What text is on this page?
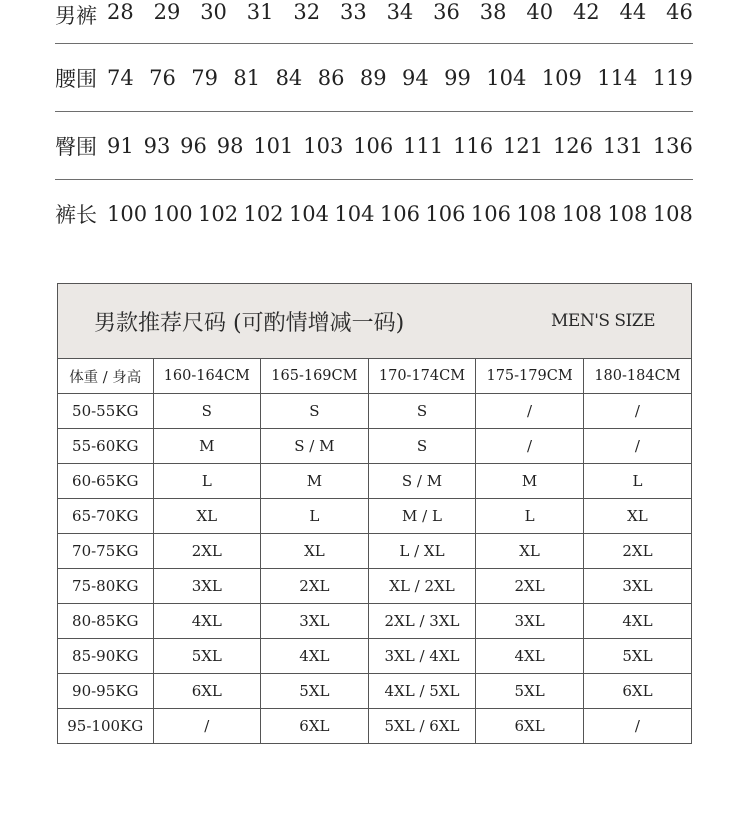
男裤 28 29 30 31 32 33 34 36 38 40 42 44 46
腰围 74 76 79 81 84 86 89 94 99 104 109 114 119
臀围 91 93 96 98 101 103 106 111 116 121 126 131 136
裤长 100 100 102 102 104 104 106 106 106 108 108 108 108
男款推荐尺码 (可酌情增减一码)	MEN'S SIZE
体重 / 身高	160-164CM	165-169CM	170-174CM	175-179CM	180-184CM
50-55KG	S	S	S	/	/
55-60KG	M	S / M	S	/	/
60-65KG	L	M	S / M	M	L
65-70KG	XL	L	M / L	L	XL
70-75KG	2XL	XL	L / XL	XL	2XL
75-80KG	3XL	2XL	XL / 2XL	2XL	3XL
80-85KG	4XL	3XL	2XL / 3XL	3XL	4XL
85-90KG	5XL	4XL	3XL / 4XL	4XL	5XL
90-95KG	6XL	5XL	4XL / 5XL	5XL	6XL
95-100KG	/	6XL	5XL / 6XL	6XL	/
